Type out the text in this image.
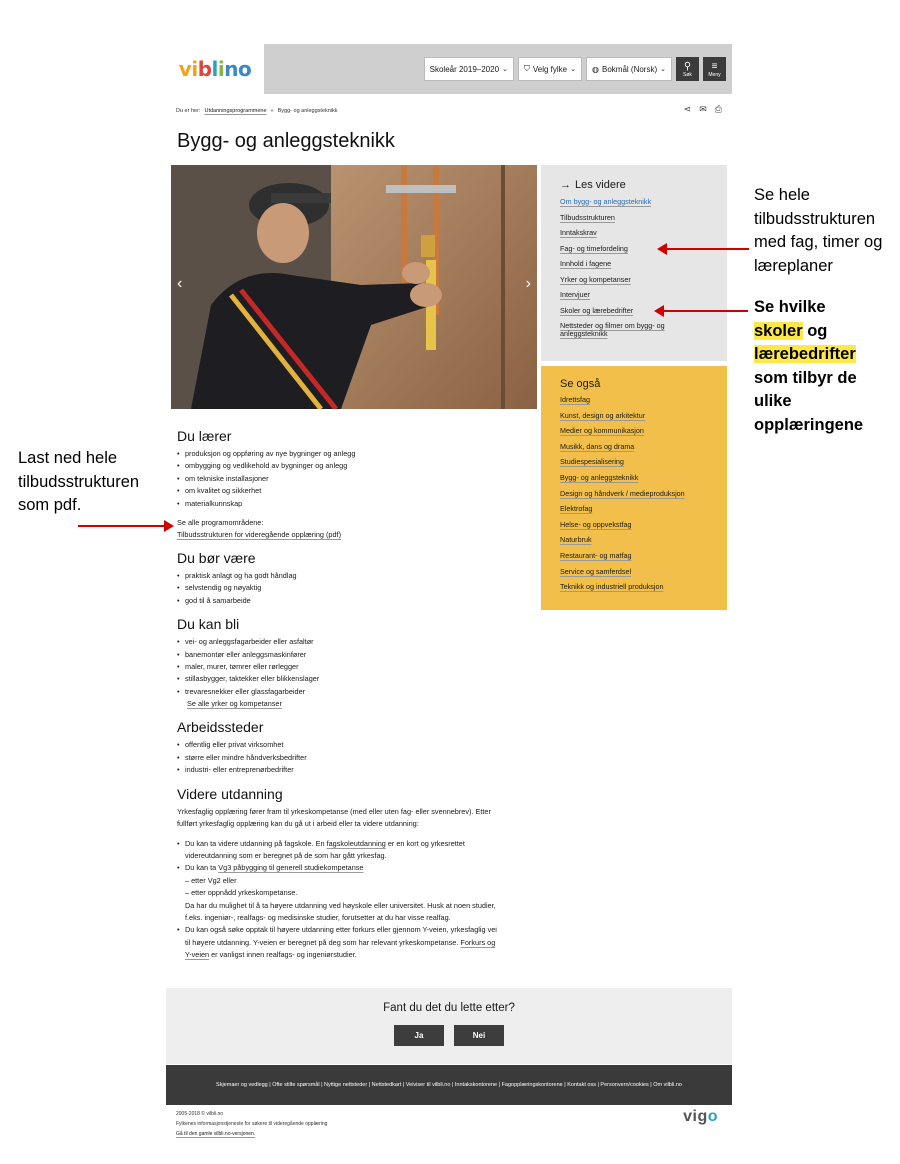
viblino	Skoleår 2019–2020 ⌄ ⛉ Velg fylke ⌄ ◍ Bokmål (Norsk) ⌄ ⚲
Søk
≡
Meny
Du er her: Utdanningsprogrammene » Bygg- og anleggsteknikk	⋖ ✉ ⎙
Bygg- og anleggsteknikk
‹	›
→ Les videre
Om bygg- og anleggsteknikk
Tilbudsstrukturen
Inntakskrav
Fag- og timefordeling
Innhold i fagene
Yrker og kompetanser
Intervjuer
Skoler og lærebedrifter
Nettsteder og filmer om bygg- og
anleggsteknikk
Se også
Idrettsfag
Kunst, design og arkitektur
Medier og kommunikasjon
Musikk, dans og drama
Studiespesialisering
Bygg- og anleggsteknikk
Design og håndverk / medieproduksjon
Elektrofag
Helse- og oppvekstfag
Naturbruk
Restaurant- og matfag
Service og samferdsel
Teknikk og industriell produksjon
Du lærer
• produksjon og oppføring av nye bygninger og anlegg
• ombygging og vedlikehold av bygninger og anlegg
• om tekniske installasjoner
• om kvalitet og sikkerhet
• materialkunnskap

Se alle programområdene:

Tilbudsstrukturen for videregående opplæring (pdf)

Du bør være
• praktisk anlagt og ha godt håndlag
• selvstendig og nøyaktig
• god til å samarbeide
Du kan bli
• vei- og anleggsfagarbeider eller asfaltør
• banemontør eller anleggsmaskinfører
• maler, murer, tømrer eller rørlegger
• stillasbygger, taktekker eller blikkenslager
• trevaresnekker eller glassfagarbeider

Se alle yrker og kompetanser

Arbeidssteder
• offentlig eller privat virksomhet
• større eller mindre håndverksbedrifter
• industri- eller entreprenørbedrifter
Videre utdanning

Yrkesfaglig opplæring fører fram til yrkeskompetanse (med eller uten fag- eller svennebrev). Etter

fullført yrkesfaglig opplæring kan du gå ut i arbeid eller ta videre utdanning:

• Du kan ta videre utdanning på fagskole. En fagskoleutdanning er en kort og yrkesrettet
videreutdanning som er beregnet på de som har gått yrkesfag.
• Du kan ta Vg3 påbygging til generell studiekompetanse
– etter Vg2 eller
– etter oppnådd yrkeskompetanse.
Da har du mulighet til å ta høyere utdanning ved høyskole eller universitet. Husk at noen studier,
f.eks. ingeniør-, realfags- og medisinske studier, forutsetter at du har visse realfag.
• Du kan også søke opptak til høyere utdanning etter forkurs eller gjennom Y-veien, yrkesfaglig vei
til høyere utdanning. Y-veien er beregnet på deg som har relevant yrkeskompetanse. Forkurs og
Y-veien er vanligst innen realfags- og ingeniørstudier.
Fant du det du lette etter?
Ja	Nei
Skjemaer og vedlegg | Ofte stilte spørsmål | Nyttige nettsteder | Nettstedkart | Veiviser til vilbli.no | Inntakskontorene | Fagopplæringskontorene | Kontakt oss | Personvern/cookies | Om vilbli.no
2005-2018 © vilbli.no
Fylkenes informasjonstjeneste for søkere til videregående opplæring
Gå til den gamle vilbli.no-versjonen.
vigo
Se hele
tilbudsstrukturen
med fag, timer og
læreplaner
Se hvilke
skoler og
lærebedrifter
som tilbyr de
ulike
opplæringene
Last ned hele
tilbudsstrukturen
som pdf.
